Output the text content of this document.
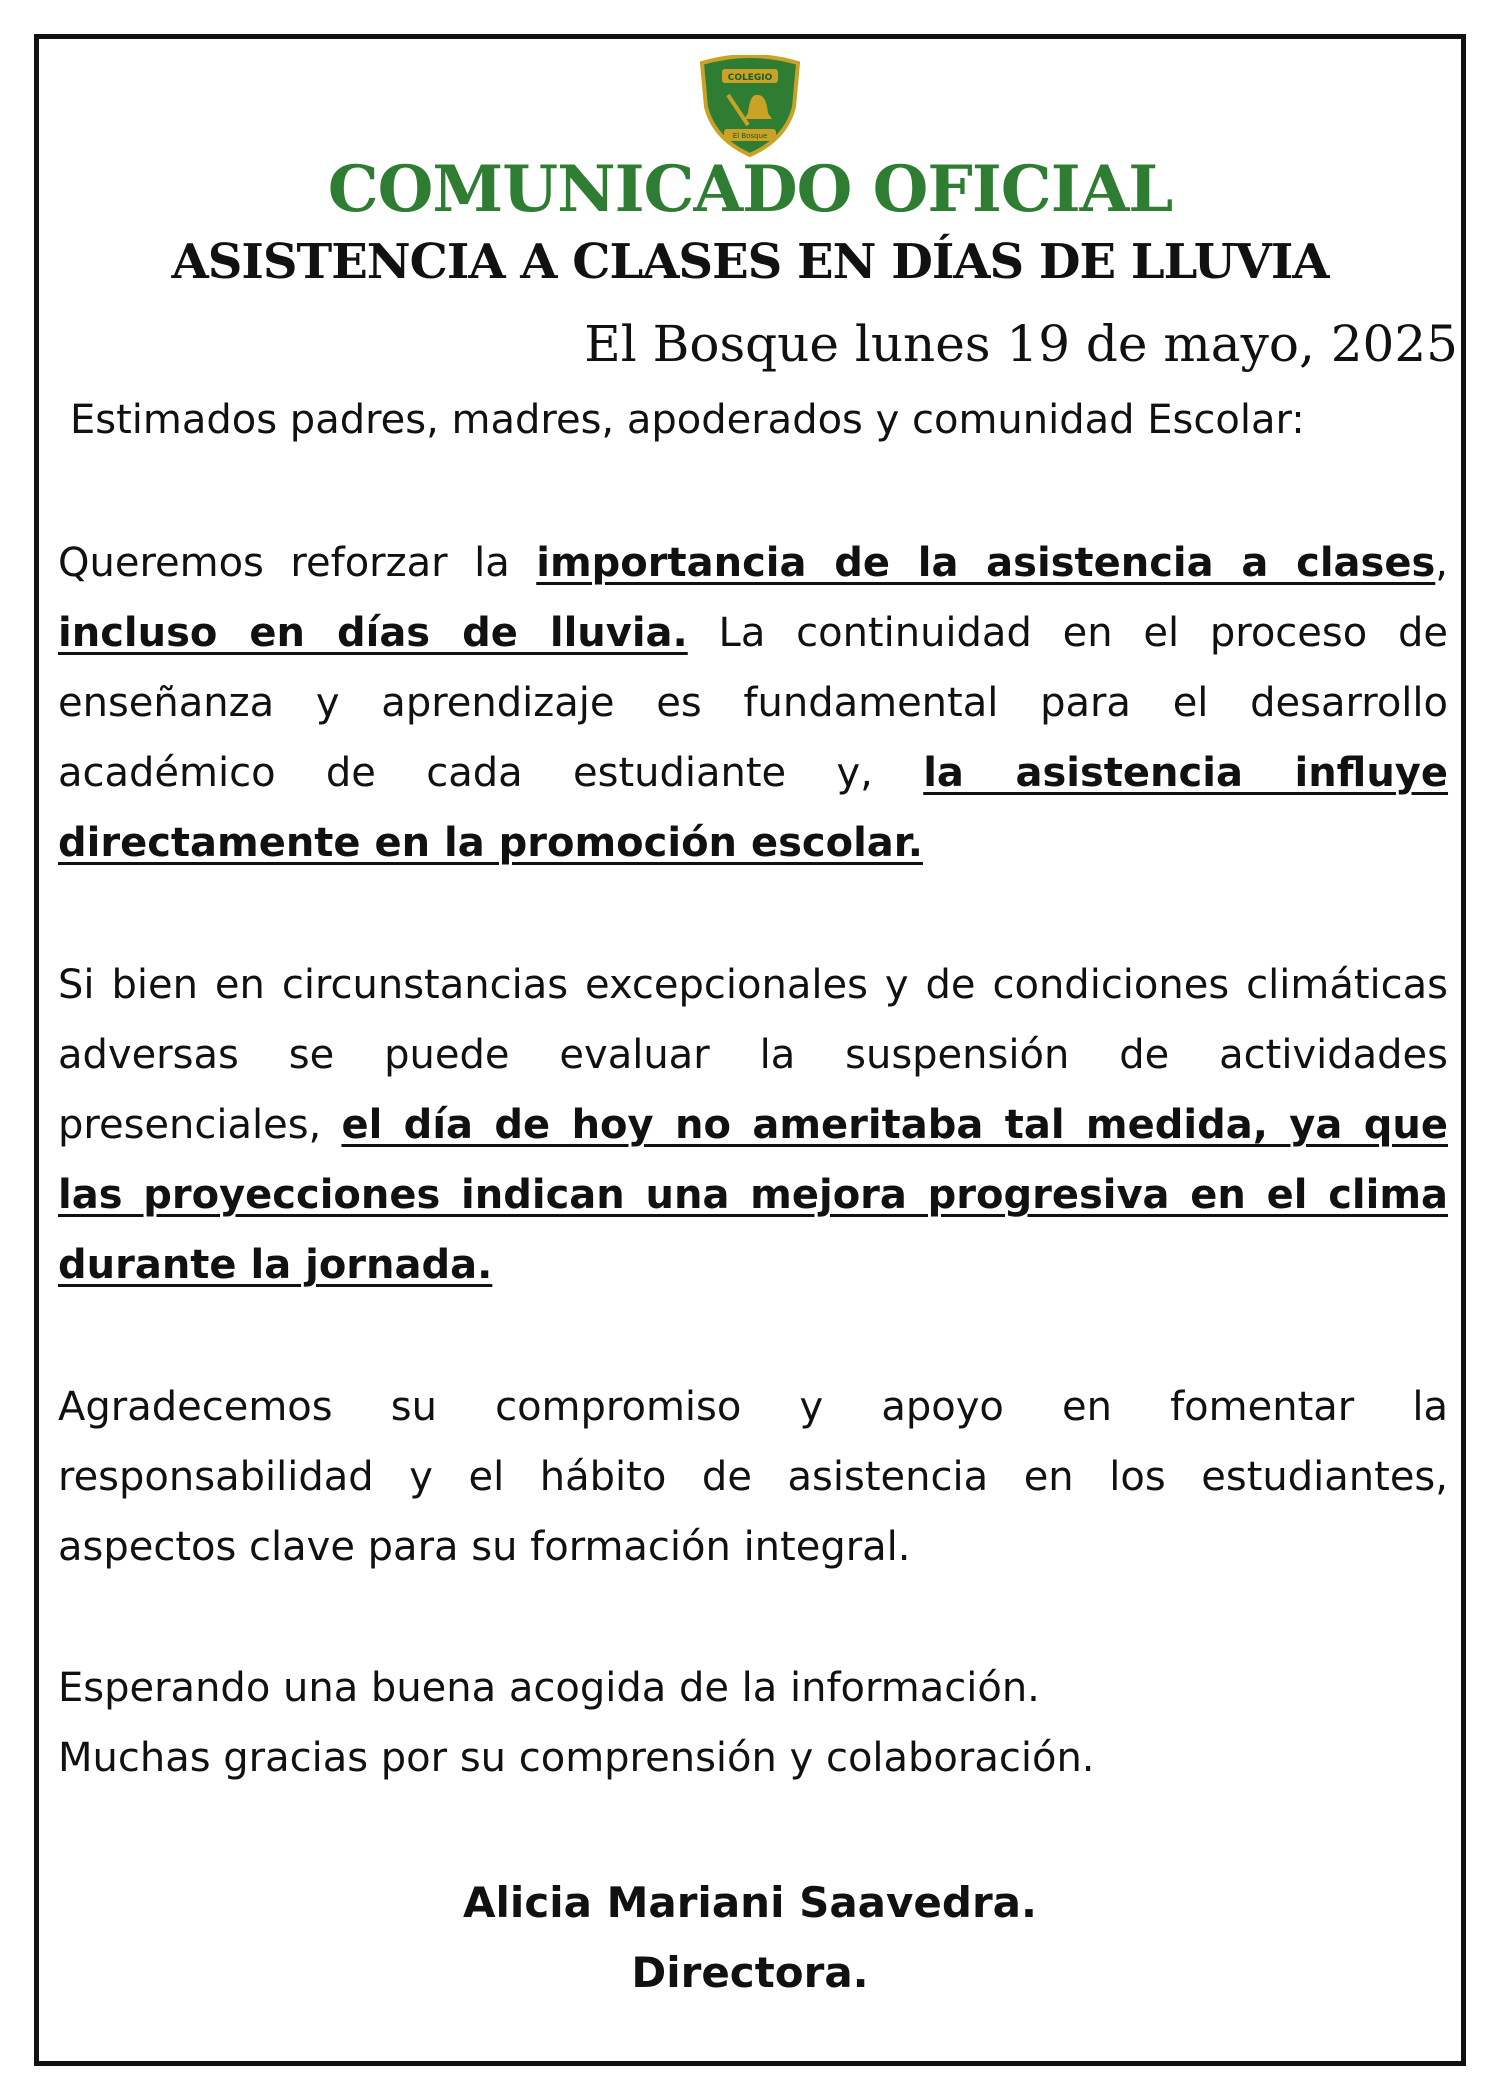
COLEGIO
El Bosque
COMUNICADO OFICIAL
ASISTENCIA A CLASES EN DÍAS DE LLUVIA
El Bosque lunes 19 de mayo, 2025
Estimados padres, madres, apoderados y comunidad Escolar:

Queremos reforzar la importancia de la asistencia a clases, incluso en días de lluvia. La continuidad en el proceso de enseñanza y aprendizaje es fundamental para el desarrollo académico de cada estudiante y, la asistencia influye directamente en la promoción escolar.

Si bien en circunstancias excepcionales y de condiciones climáticas adversas se puede evaluar la suspensión de actividades presenciales, el día de hoy no ameritaba tal medida, ya que las proyecciones indican una mejora progresiva en el clima durante la jornada.

Agradecemos su compromiso y apoyo en fomentar la responsabilidad y el hábito de asistencia en los estudiantes, aspectos clave para su formación integral.

Esperando una buena acogida de la información.
Muchas gracias por su comprensión y colaboración.

Alicia Mariani Saavedra.
Directora.
